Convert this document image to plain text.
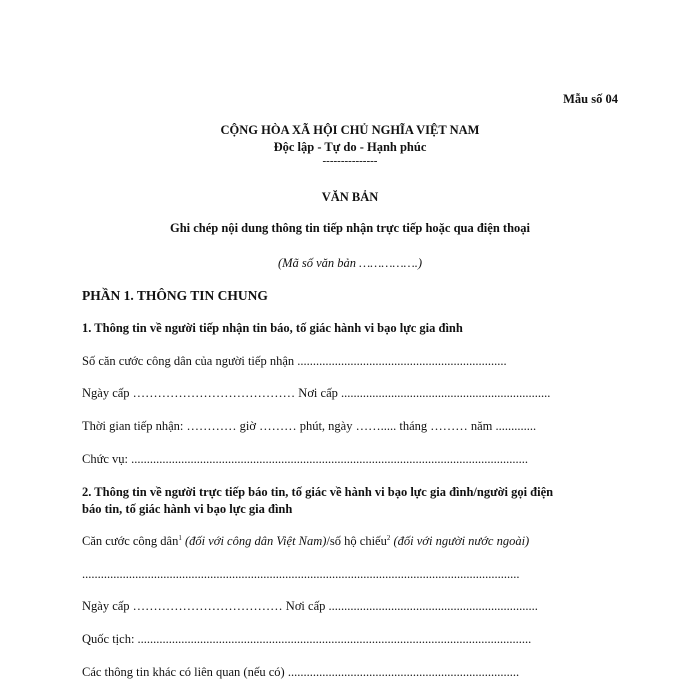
Mẫu số 04
CỘNG HÒA XÃ HỘI CHỦ NGHĨA VIỆT NAM
Độc lập - Tự do - Hạnh phúc
---------------
VĂN BẢN
Ghi chép nội dung thông tin tiếp nhận trực tiếp hoặc qua điện thoại
(Mã số văn bản …………….)
PHẦN 1. THÔNG TIN CHUNG
1. Thông tin về người tiếp nhận tin báo, tố giác hành vi bạo lực gia đình
Số căn cước công dân của người tiếp nhận ...................................................................
Ngày cấp ………………………………… Nơi cấp ...................................................................
Thời gian tiếp nhận: ………… giờ ……… phút, ngày ……..... tháng ……… năm .............
Chức vụ: ...............................................................................................................................
2. Thông tin về người trực tiếp báo tin, tố giác về hành vi bạo lực gia đình/người gọi điện
báo tin, tố giác hành vi bạo lực gia đình
Căn cước công dân$^1$ (đối với công dân Việt Nam)/số hộ chiếu$^2$ (đối với người nước ngoài)
............................................................................................................................................
Ngày cấp ……………………………… Nơi cấp ...................................................................
Quốc tịch: ..............................................................................................................................
Các thông tin khác có liên quan (nếu có) ..........................................................................
